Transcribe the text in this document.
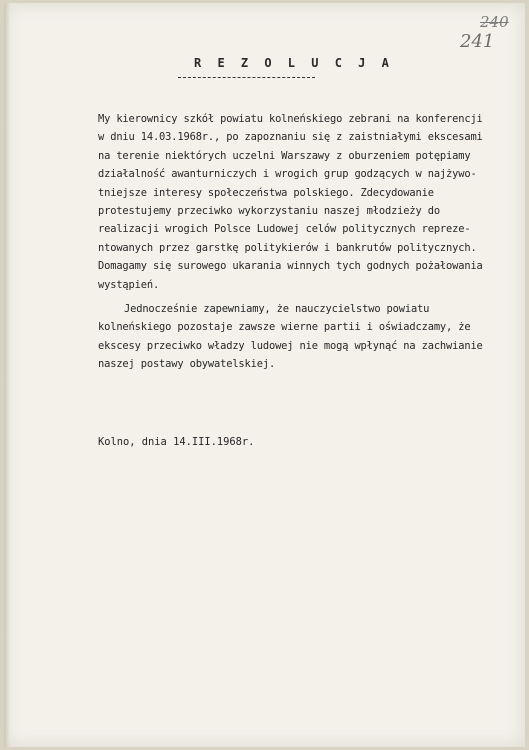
240
241
R E Z O L U C J A
My kierownicy szkół powiatu kolneńskiego zebrani na konferencji
w dniu 14.03.1968r., po zapoznaniu się z zaistniałymi ekscesami
na terenie niektórych uczelni Warszawy z oburzeniem potępiamy
działalność awanturniczych i wrogich grup godzących w najżywo-
tniejsze interesy społeczeństwa polskiego. Zdecydowanie
protestujemy przeciwko wykorzystaniu naszej młodzieży do
realizacji wrogich Polsce Ludowej celów politycznych repreze-
ntowanych przez garstkę politykierów i bankrutów politycznych.
Domagamy się surowego ukarania winnych tych godnych pożałowania
wystąpień.
Jednocześnie zapewniamy, że nauczycielstwo powiatu
kolneńskiego pozostaje zawsze wierne partii i oświadczamy, że
ekscesy przeciwko władzy ludowej nie mogą wpłynąć na zachwianie
naszej postawy obywatelskiej.
Kolno, dnia 14.III.1968r.
